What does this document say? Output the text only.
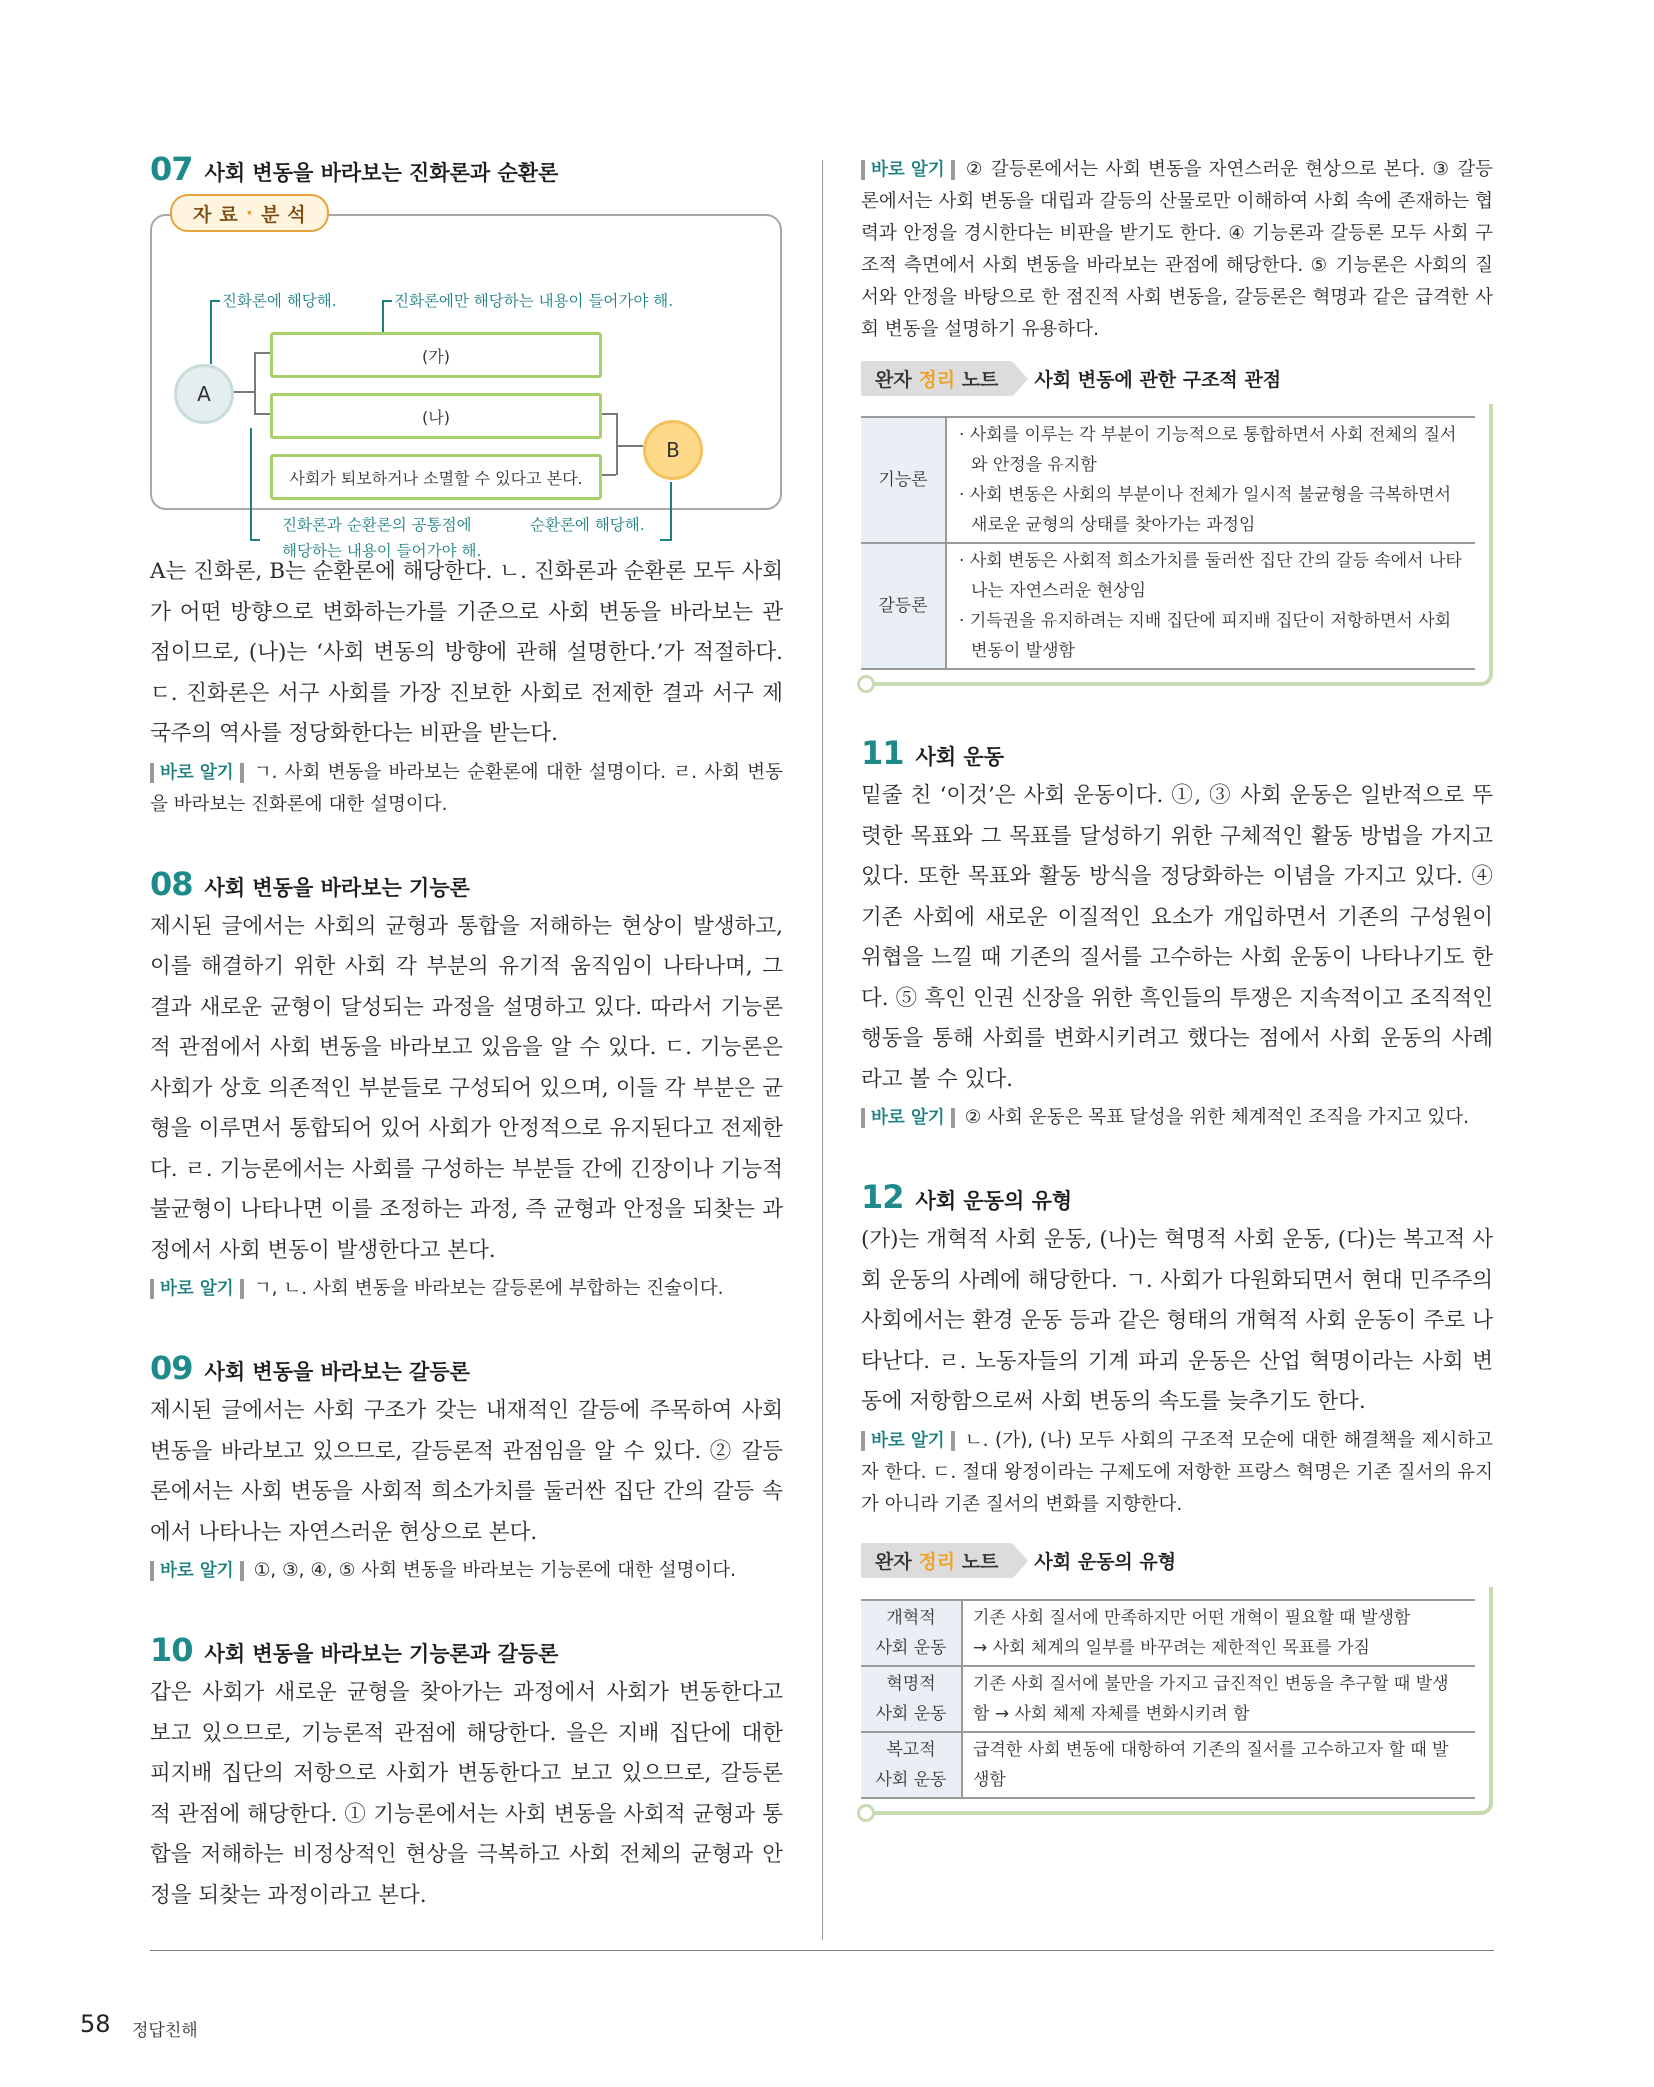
07 사회 변동을 바라보는 진화론과 순환론
자 료 · 분 석
진화론에 해당해.	진화론에만 해당하는 내용이 들어가야 해.
A
B
(가)
(나)
사회가 퇴보하거나 소멸할 수 있다고 본다.
진화론과 순환론의 공통점에
해당하는 내용이 들어가야 해.
순환론에 해당해.

A는 진화론, B는 순환론에 해당한다. ㄴ. 진화론과 순환론 모두 사회가 어떤 방향으로 변화하는가를 기준으로 사회 변동을 바라보는 관점이므로, (나)는 ‘사회 변동의 방향에 관해 설명한다.’가 적절하다. ㄷ. 진화론은 서구 사회를 가장 진보한 사회로 전제한 결과 서구 제국주의 역사를 정당화한다는 비판을 받는다.

바로 알기 ㄱ. 사회 변동을 바라보는 순환론에 대한 설명이다. ㄹ. 사회 변동을 바라보는 진화론에 대한 설명이다.

08 사회 변동을 바라보는 기능론

제시된 글에서는 사회의 균형과 통합을 저해하는 현상이 발생하고, 이를 해결하기 위한 사회 각 부분의 유기적 움직임이 나타나며, 그 결과 새로운 균형이 달성되는 과정을 설명하고 있다. 따라서 기능론적 관점에서 사회 변동을 바라보고 있음을 알 수 있다. ㄷ. 기능론은 사회가 상호 의존적인 부분들로 구성되어 있으며, 이들 각 부분은 균형을 이루면서 통합되어 있어 사회가 안정적으로 유지된다고 전제한다. ㄹ. 기능론에서는 사회를 구성하는 부분들 간에 긴장이나 기능적 불균형이 나타나면 이를 조정하는 과정, 즉 균형과 안정을 되찾는 과정에서 사회 변동이 발생한다고 본다.

바로 알기 ㄱ, ㄴ. 사회 변동을 바라보는 갈등론에 부합하는 진술이다.

09 사회 변동을 바라보는 갈등론

제시된 글에서는 사회 구조가 갖는 내재적인 갈등에 주목하여 사회 변동을 바라보고 있으므로, 갈등론적 관점임을 알 수 있다. ② 갈등론에서는 사회 변동을 사회적 희소가치를 둘러싼 집단 간의 갈등 속에서 나타나는 자연스러운 현상으로 본다.

바로 알기 ①, ③, ④, ⑤ 사회 변동을 바라보는 기능론에 대한 설명이다.

10 사회 변동을 바라보는 기능론과 갈등론

갑은 사회가 새로운 균형을 찾아가는 과정에서 사회가 변동한다고 보고 있으므로, 기능론적 관점에 해당한다. 을은 지배 집단에 대한 피지배 집단의 저항으로 사회가 변동한다고 보고 있으므로, 갈등론적 관점에 해당한다. ① 기능론에서는 사회 변동을 사회적 균형과 통합을 저해하는 비정상적인 현상을 극복하고 사회 전체의 균형과 안정을 되찾는 과정이라고 본다.

바로 알기 ② 갈등론에서는 사회 변동을 자연스러운 현상으로 본다. ③ 갈등론에서는 사회 변동을 대립과 갈등의 산물로만 이해하여 사회 속에 존재하는 협력과 안정을 경시한다는 비판을 받기도 한다. ④ 기능론과 갈등론 모두 사회 구조적 측면에서 사회 변동을 바라보는 관점에 해당한다. ⑤ 기능론은 사회의 질서와 안정을 바탕으로 한 점진적 사회 변동을, 갈등론은 혁명과 같은 급격한 사회 변동을 설명하기 유용하다.

완자 정리 노트	사회 변동에 관한 구조적 관점
기능론	· 사회를 이루는 각 부분이 기능적으로 통합하면서 사회 전체의 질서와 안정을 유지함
· 사회 변동은 사회의 부분이나 전체가 일시적 불균형을 극복하면서 새로운 균형의 상태를 찾아가는 과정임

갈등론	· 사회 변동은 사회적 희소가치를 둘러싼 집단 간의 갈등 속에서 나타나는 자연스러운 현상임
· 기득권을 유지하려는 지배 집단에 피지배 집단이 저항하면서 사회 변동이 발생함
11 사회 운동

밑줄 친 ‘이것’은 사회 운동이다. ①, ③ 사회 운동은 일반적으로 뚜렷한 목표와 그 목표를 달성하기 위한 구체적인 활동 방법을 가지고 있다. 또한 목표와 활동 방식을 정당화하는 이념을 가지고 있다. ④ 기존 사회에 새로운 이질적인 요소가 개입하면서 기존의 구성원이 위협을 느낄 때 기존의 질서를 고수하는 사회 운동이 나타나기도 한다. ⑤ 흑인 인권 신장을 위한 흑인들의 투쟁은 지속적이고 조직적인 행동을 통해 사회를 변화시키려고 했다는 점에서 사회 운동의 사례라고 볼 수 있다.

바로 알기 ② 사회 운동은 목표 달성을 위한 체계적인 조직을 가지고 있다.

12 사회 운동의 유형

(가)는 개혁적 사회 운동, (나)는 혁명적 사회 운동, (다)는 복고적 사회 운동의 사례에 해당한다. ㄱ. 사회가 다원화되면서 현대 민주주의 사회에서는 환경 운동 등과 같은 형태의 개혁적 사회 운동이 주로 나타난다. ㄹ. 노동자들의 기계 파괴 운동은 산업 혁명이라는 사회 변동에 저항함으로써 사회 변동의 속도를 늦추기도 한다.

바로 알기 ㄴ. (가), (나) 모두 사회의 구조적 모순에 대한 해결책을 제시하고자 한다. ㄷ. 절대 왕정이라는 구제도에 저항한 프랑스 혁명은 기존 질서의 유지가 아니라 기존 질서의 변화를 지향한다.

완자 정리 노트	사회 운동의 유형
개혁적
사회 운동	기존 사회 질서에 만족하지만 어떤 개혁이 필요할 때 발생함
→ 사회 체계의 일부를 바꾸려는 제한적인 목표를 가짐
혁명적
사회 운동	기존 사회 질서에 불만을 가지고 급진적인 변동을 추구할 때 발생함 → 사회 체제 자체를 변화시키려 함
복고적
사회 운동	급격한 사회 변동에 대항하여 기존의 질서를 고수하고자 할 때 발생함
58 정답친해
